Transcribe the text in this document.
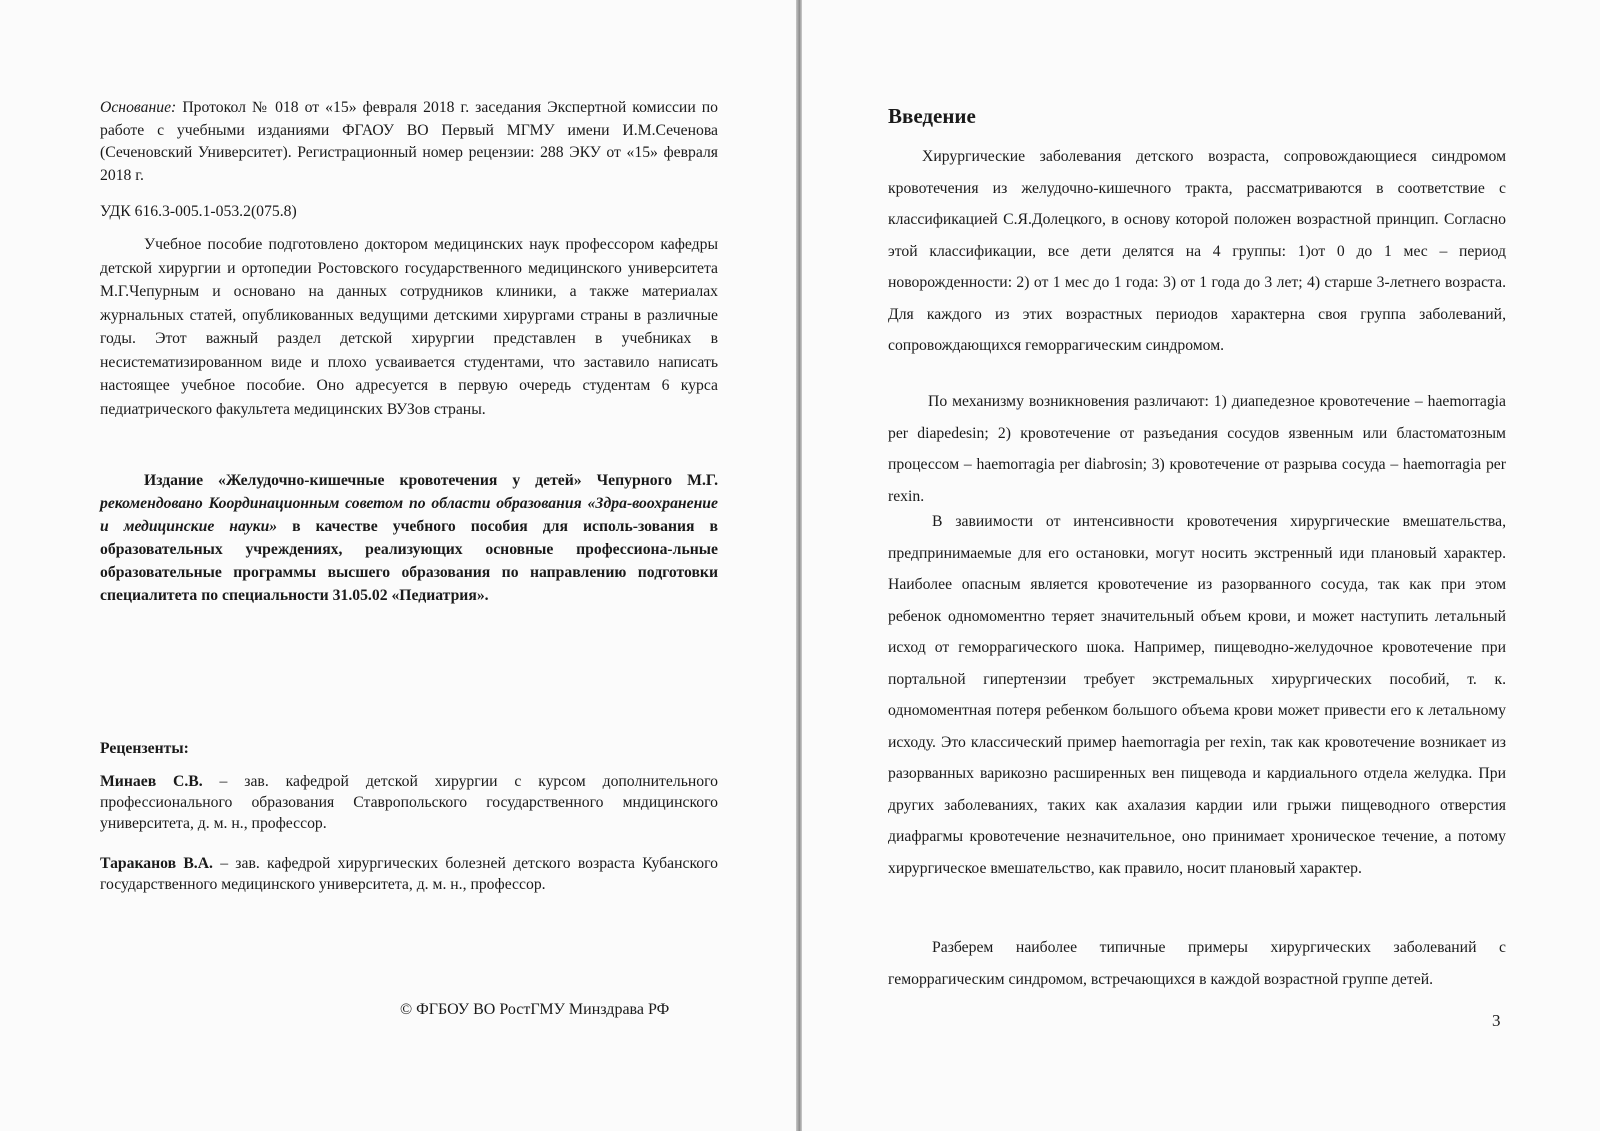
Основание: Протокол № 018 от «15» февраля 2018 г. заседания Экспертной комиссии по работе с учебными изданиями ФГАОУ ВО Первый МГМУ имени И.М.Сеченова (Сеченовский Университет). Регистрационный номер рецензии: 288 ЭКУ от «15» февраля 2018 г.
УДК 616.3-005.1-053.2(075.8)
Учебное пособие подготовлено доктором медицинских наук профессором кафедры детской хирургии и ортопедии Ростовского государственного медицинского университета М.Г.Чепурным и основано на данных сотрудников клиники, а также материалах журнальных статей, опубликованных ведущими детскими хирургами страны в различные годы. Этот важный раздел детской хирургии представлен в учебниках в несистематизированном виде и плохо усваивается студентами, что заставило написать настоящее учебное пособие. Оно адресуется в первую очередь студентам 6 курса педиатрического факультета медицинских ВУЗов страны.
Издание «Желудочно-кишечные кровотечения у детей» Чепурного М.Г. рекомендовано Координационным советом по области образования «Здра-воохранение и медицинские науки» в качестве учебного пособия для исполь-зования в образовательных учреждениях, реализующих основные профессиона-льные образовательные программы высшего образования по направлению подготовки специалитета по специальности 31.05.02 «Педиатрия».
Рецензенты:
Минаев С.В. – зав. кафедрой детской хирургии с курсом дополнительного профессионального образования Ставропольского государственного мндицинского университета, д. м. н., профессор.
Тараканов В.А. – зав. кафедрой хирургических болезней детского возраста Кубанского государственного медицинского университета, д. м. н., профессор.
© ФГБОУ ВО РостГМУ Минздрава РФ
Введение
Хирургические заболевания детского возраста, сопровождающиеся синдромом кровотечения из желудочно-кишечного тракта, рассматриваются в соответствие с классификацией С.Я.Долецкого, в основу которой положен возрастной принцип. Согласно этой классификации, все дети делятся на 4 группы: 1)от 0 до 1 мес – период новорожденности: 2) от 1 мес до 1 года: 3) от 1 года до 3 лет; 4) старше 3-летнего возраста. Для каждого из этих возрастных периодов характерна своя группа заболеваний, сопровождающихся геморрагическим синдромом.
По механизму возникновения различают: 1) диапедезное кровотечение – haemorragia per diapedesin; 2) кровотечение от разъедания сосудов язвенным или бластоматозным процессом – haemorragia per diabrosin; 3) кровотечение от разрыва сосуда – haemorragia per rexin.
В завиимости от интенсивности кровотечения хирургические вмешательства, предпринимаемые для его остановки, могут носить экстренный иди плановый характер. Наиболее опасным является кровотечение из разорванного сосуда, так как при этом ребенок одномоментно теряет значительный объем крови, и может наступить летальный исход от геморрагического шока. Например, пищеводно-желудочное кровотечение при портальной гипертензии требует экстремальных хирургических пособий, т. к. одномоментная потеря ребенком большого объема крови может привести его к летальному исходу. Это классический пример haemorragia per rexin, так как кровотечение возникает из разорванных варикозно расширенных вен пищевода и кардиального отдела желудка. При других заболеваниях, таких как ахалазия кардии или грыжи пищеводного отверстия диафрагмы кровотечение незначительное, оно принимает хроническое течение, а потому хирургическое вмешательство, как правило, носит плановый характер.
Разберем наиболее типичные примеры хирургических заболеваний с геморрагическим синдромом, встречающихся в каждой возрастной группе детей.
3
